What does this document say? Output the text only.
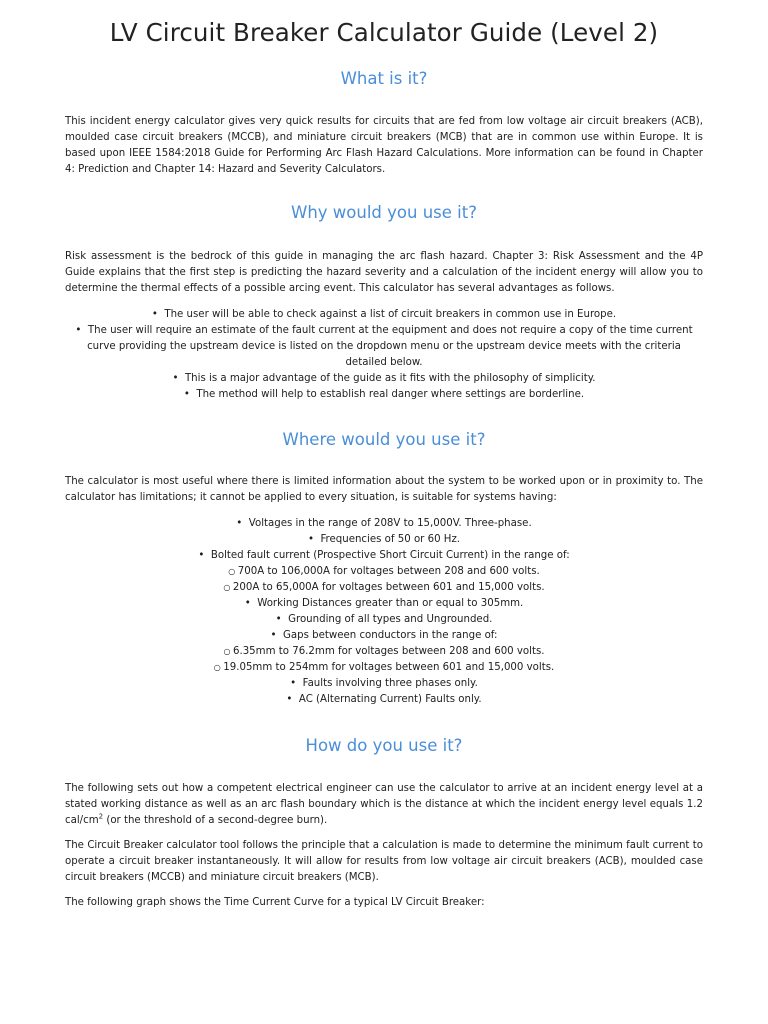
LV Circuit Breaker Calculator Guide (Level 2)
What is it?

This incident energy calculator gives very quick results for circuits that are fed from low voltage air circuit breakers (ACB), moulded case circuit breakers (MCCB), and miniature circuit breakers (MCB) that are in common use within Europe. It is based upon IEEE 1584:2018 Guide for Performing Arc Flash Hazard Calculations. More information can be found in Chapter 4: Prediction and Chapter 14: Hazard and Severity Calculators.

Why would you use it?

Risk assessment is the bedrock of this guide in managing the arc flash hazard. Chapter 3: Risk Assessment and the 4P Guide explains that the first step is predicting the hazard severity and a calculation of the incident energy will allow you to determine the thermal effects of a possible arcing event. This calculator has several advantages as follows.

•  The user will be able to check against a list of circuit breakers in common use in Europe.
•  The user will require an estimate of the fault current at the equipment and does not require a copy of the time current curve providing the upstream device is listed on the dropdown menu or the upstream device meets with the criteria detailed below.
•  This is a major advantage of the guide as it fits with the philosophy of simplicity.
•  The method will help to establish real danger where settings are borderline.
Where would you use it?

The calculator is most useful where there is limited information about the system to be worked upon or in proximity to. The calculator has limitations; it cannot be applied to every situation, is suitable for systems having:

•  Voltages in the range of 208V to 15,000V. Three-phase.
•  Frequencies of 50 or 60 Hz.
•  Bolted fault current (Prospective Short Circuit Current) in the range of:
○ 700A to 106,000A for voltages between 208 and 600 volts.
○ 200A to 65,000A for voltages between 601 and 15,000 volts.
•  Working Distances greater than or equal to 305mm.
•  Grounding of all types and Ungrounded.
•  Gaps between conductors in the range of:
○ 6.35mm to 76.2mm for voltages between 208 and 600 volts.
○ 19.05mm to 254mm for voltages between 601 and 15,000 volts.
•  Faults involving three phases only.
•  AC (Alternating Current) Faults only.
How do you use it?

The following sets out how a competent electrical engineer can use the calculator to arrive at an incident energy level at a stated working distance as well as an arc flash boundary which is the distance at which the incident energy level equals 1.2 cal/$cm^2$ (or the threshold of a second-degree burn).

The Circuit Breaker calculator tool follows the principle that a calculation is made to determine the minimum fault current to operate a circuit breaker instantaneously. It will allow for results from low voltage air circuit breakers (ACB), moulded case circuit breakers (MCCB) and miniature circuit breakers (MCB).

The following graph shows the Time Current Curve for a typical LV Circuit Breaker:
